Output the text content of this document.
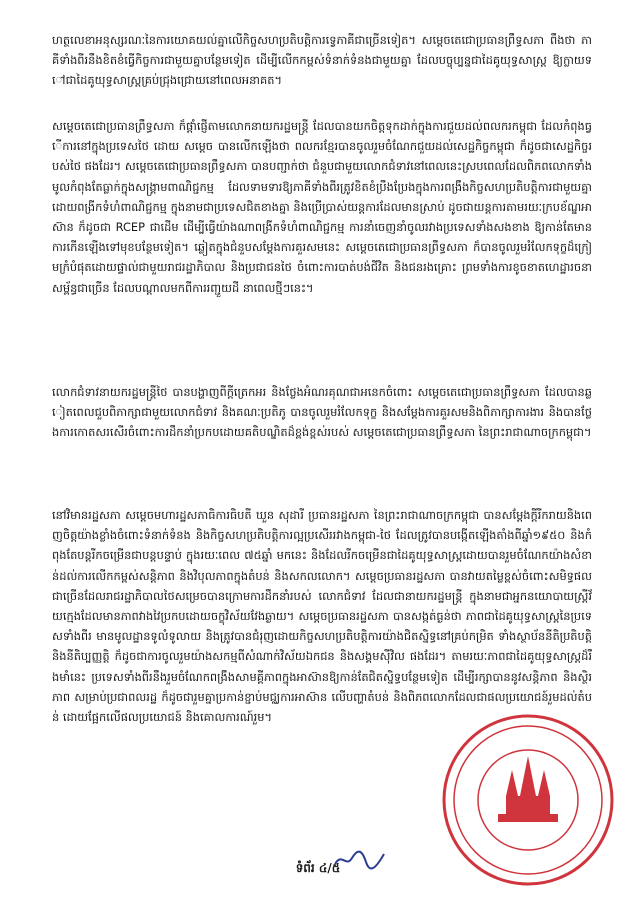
ហត្ថលេខាអនុស្សរណៈនៃការយោគយល់គ្នាលើកិច្ចសហប្រតិបត្តិការទ្វេភាគីជាច្រើនទៀត។ សម្ដេចតេជោប្រធានព្រឹទ្ធសភា ពឹងថា ភាគីទាំងពីរនឹងខិតខំធ្វើកិច្ចការជាមួយគ្នាបន្ថែមទៀត ដើម្បីលើកកម្ពស់ទំនាក់ទំនងជាមួយគ្នា ដែលបច្ចុប្បន្នជាដៃគូយុទ្ធសាស្ត្រ ឱ្យក្លាយទៅជាដៃគូយុទ្ធសាស្ត្រគ្រប់ជ្រុងជ្រោយនៅពេលអនាគត។

សម្ដេចតេជោប្រធានព្រឹទ្ធសភា ក៏ផ្ដាំផ្ញើតាមលោកនាយករដ្ឋមន្ត្រី ដែលបានយកចិត្តទុកដាក់ក្នុងការជួយដល់ពលករកម្ពុជា ដែលកំពុងធ្វើការនៅក្នុងប្រទេសថៃ ដោយ សម្ដេច បានលើកឡើងថា ពលករខ្មែរបានចូលរួមចំណែកជួយដល់សេដ្ឋកិច្ចកម្ពុជា ក៏ដូចជាសេដ្ឋកិច្ចរបស់ថៃ ផងដែរ។ សម្ដេចតេជោប្រធានព្រឹទ្ធសភា បានបញ្ជាក់ថា ជំនួបជាមួយលោកជំទាវនៅពេលនេះស្របពេលដែលពិភពលោកទាំងមូលកំពុងតែធ្លាក់ក្នុងសង្គ្រាមពាណិជ្ជកម្ម ដែលទាមទារឱ្យភាគីទាំងពីរត្រូវខិតខំប្រឹងប្រែងក្នុងការពង្រឹងកិច្ចសហប្រតិបត្តិការជាមួយគ្នា ដោយពង្រីកទំហំពាណិជ្ជកម្ម ក្នុងនាមជាប្រទេសជិតខាងគ្នា និងប្រើប្រាស់យន្តការដែលមានស្រាប់ ដូចជាយន្តការតាមរយៈក្របខ័ណ្ឌអាស៊ាន ក៏ដូចជា RCEP ជាដើម ដើម្បីធ្វើយ៉ាងណាពង្រីកទំហំពាណិជ្ជកម្ម ការនាំចេញនាំចូលរវាងប្រទេសទាំងសងខាង ឱ្យកាន់តែមានការកើនឡើងទៅមុខបន្ថែមទៀត។ ឆ្លៀតក្នុងជំនួបសម្ដែងការគួរសមនេះ សម្ដេចតេជោប្រធានព្រឹទ្ធសភា ក៏បានចូលរួមរំលែកទុក្ខដ៏ក្រៀមក្រំបំផុតដោយផ្ទាល់ជាមួយរាជរដ្ឋាភិបាល និងប្រជាជនថៃ ចំពោះការបាត់បង់ជីវិត និងជនរងគ្រោះ ព្រមទាំងការខូចខាតហេដ្ឋារចនាសម្ព័ន្ធជាច្រើន ដែលបណ្ដាលមកពីការរញ្ជួយដី នាពេលថ្មីៗនេះ។

លោកជំទាវនាយករដ្ឋមន្ត្រីថៃ បានបង្ហាញពីក្ដីត្រេកអរ និងថ្លែងអំណរគុណជាអនេកចំពោះ សម្ដេចតេជោប្រធានព្រឹទ្ធសភា ដែលបានឆ្លៀតពេលជួបពិភាក្សាជាមួយលោកជំទាវ និងគណៈប្រតិភូ បានចូលរួមរំលែកទុក្ខ និងសម្ដែងការគួរសមនិងពិភាក្សាការងារ និងបានថ្លែងការកោតសរសើរចំពោះការដឹកនាំប្រកបដោយគតិបណ្ឌិតដ៏ខ្ពង់ខ្ពស់របស់ សម្ដេចតេជោប្រធានព្រឹទ្ធសភា នៃព្រះរាជាណាចក្រកម្ពុជា។

នៅវិមានរដ្ឋសភា សម្ដេចមហារដ្ឋសភាធិការធិបតី ឃួន សុដារី ប្រធានរដ្ឋសភា នៃព្រះរាជាណាចក្រកម្ពុជា បានសម្ដែងក្ដីរីករាយនិងពេញចិត្តយ៉ាងខ្លាំងចំពោះទំនាក់ទំនង និងកិច្ចសហប្រតិបត្តិការល្អប្រសើររវាងកម្ពុជា-ថៃ ដែលត្រូវបានបង្កើតឡើងតាំងពីឆ្នាំ១៩៥០ និងកំពុងតែបន្តរីកចម្រើនជាបន្តបន្ទាប់ ក្នុងរយៈពេល ៧៥ឆ្នាំ មកនេះ និងដែលរីកចម្រើនជាដៃគូយុទ្ធសាស្ត្រដោយបានរួមចំណែកយ៉ាងសំខាន់ដល់ការលើកកម្ពស់សន្តិភាព និងវិបុលភាពក្នុងតំបន់ និងសកលលោក។ សម្ដេចប្រធានរដ្ឋសភា បានវាយតម្លៃខ្ពស់ចំពោះសមិទ្ធផលជាច្រើនដែលរាជរដ្ឋាភិបាលថៃសម្រេចបានក្រោមការដឹកនាំរបស់ លោកជំទាវ ដែលជានាយករដ្ឋមន្ត្រី ក្នុងនាមជាអ្នកនយោបាយស្ត្រីវ័យក្មេងដែលមានភាពវាងវៃប្រកបដោយចក្ខុវិស័យវែងឆ្ងាយ។ សម្ដេចប្រធានរដ្ឋសភា បានសង្កត់ធ្ងន់ថា ភាពជាដៃគូយុទ្ធសាស្ត្រនៃប្រទេសទាំងពីរ មានមូលដ្ឋានទូលំទូលាយ និងត្រូវបានជំរុញដោយកិច្ចសហប្រតិបត្តិការយ៉ាងជិតស្និទ្ធនៅគ្រប់កម្រិត ទាំងស្ថាប័ននីតិប្រតិបត្តិ និងនីតិប្បញ្ញត្តិ ក៏ដូចជាការចូលរួមយ៉ាងសកម្មពីសំណាក់វិស័យឯកជន និងសង្គមស៊ីវិល ផងដែរ។ តាមរយៈភាពជាដៃគូយុទ្ធសាស្ត្រដ៏រឹងមាំនេះ ប្រទេសទាំងពីរនឹងរួមចំណែកពង្រឹងសាមគ្គីភាពក្នុងអាស៊ានឱ្យកាន់តែជិតស្និទ្ធបន្ថែមទៀត ដើម្បីរក្សាបាននូវសន្តិភាព និងស្ថិរភាព សម្រាប់ប្រជាពលរដ្ឋ ក៏ដូចជារួមគ្នាប្រកាន់ខ្ជាប់មជ្ឈការអាស៊ាន លើបញ្ហាតំបន់ និងពិភពលោកដែលជាផលប្រយោជន៍រួមដល់តំបន់ ដោយផ្អែកលើផលប្រយោជន៍ និងគោលការណ៍រួម។

ទំព័រ ៤/៥
